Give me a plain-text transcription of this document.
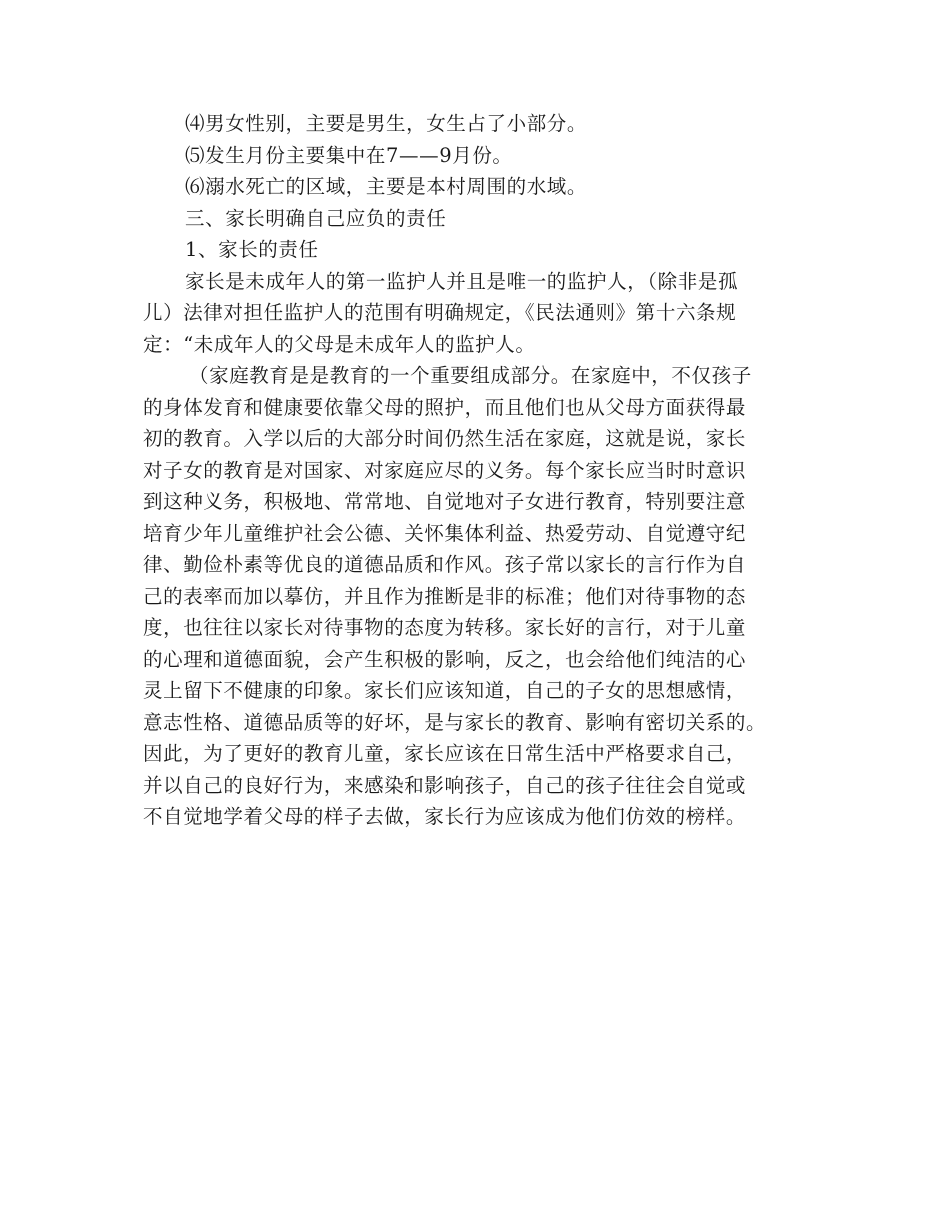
⑷男女性别，主要是男生，女生占了小部分。
⑸发生月份主要集中在7——9月份。
⑹溺水死亡的区域，主要是本村周围的水域。
三、家长明确自己应负的责任
1、家长的责任
家长是未成年人的第一监护人并且是唯一的监护人，（除非是孤
儿）法律对担任监护人的范围有明确规定，《民法通则》第十六条规
定：“未成年人的父母是未成年人的监护人。
（家庭教育是是教育的一个重要组成部分。在家庭中，不仅孩子
的身体发育和健康要依靠父母的照护，而且他们也从父母方面获得最
初的教育。入学以后的大部分时间仍然生活在家庭，这就是说，家长
对子女的教育是对国家、对家庭应尽的义务。每个家长应当时时意识
到这种义务，积极地、常常地、自觉地对子女进行教育，特别要注意
培育少年儿童维护社会公德、关怀集体利益、热爱劳动、自觉遵守纪
律、勤俭朴素等优良的道德品质和作风。孩子常以家长的言行作为自
己的表率而加以摹仿，并且作为推断是非的标准；他们对待事物的态
度，也往往以家长对待事物的态度为转移。家长好的言行，对于儿童
的心理和道德面貌，会产生积极的影响，反之，也会给他们纯洁的心
灵上留下不健康的印象。家长们应该知道，自己的子女的思想感情，
意志性格、道德品质等的好坏，是与家长的教育、影响有密切关系的。
因此，为了更好的教育儿童，家长应该在日常生活中严格要求自己，
并以自己的良好行为，来感染和影响孩子，自己的孩子往往会自觉或
不自觉地学着父母的样子去做，家长行为应该成为他们仿效的榜样。
